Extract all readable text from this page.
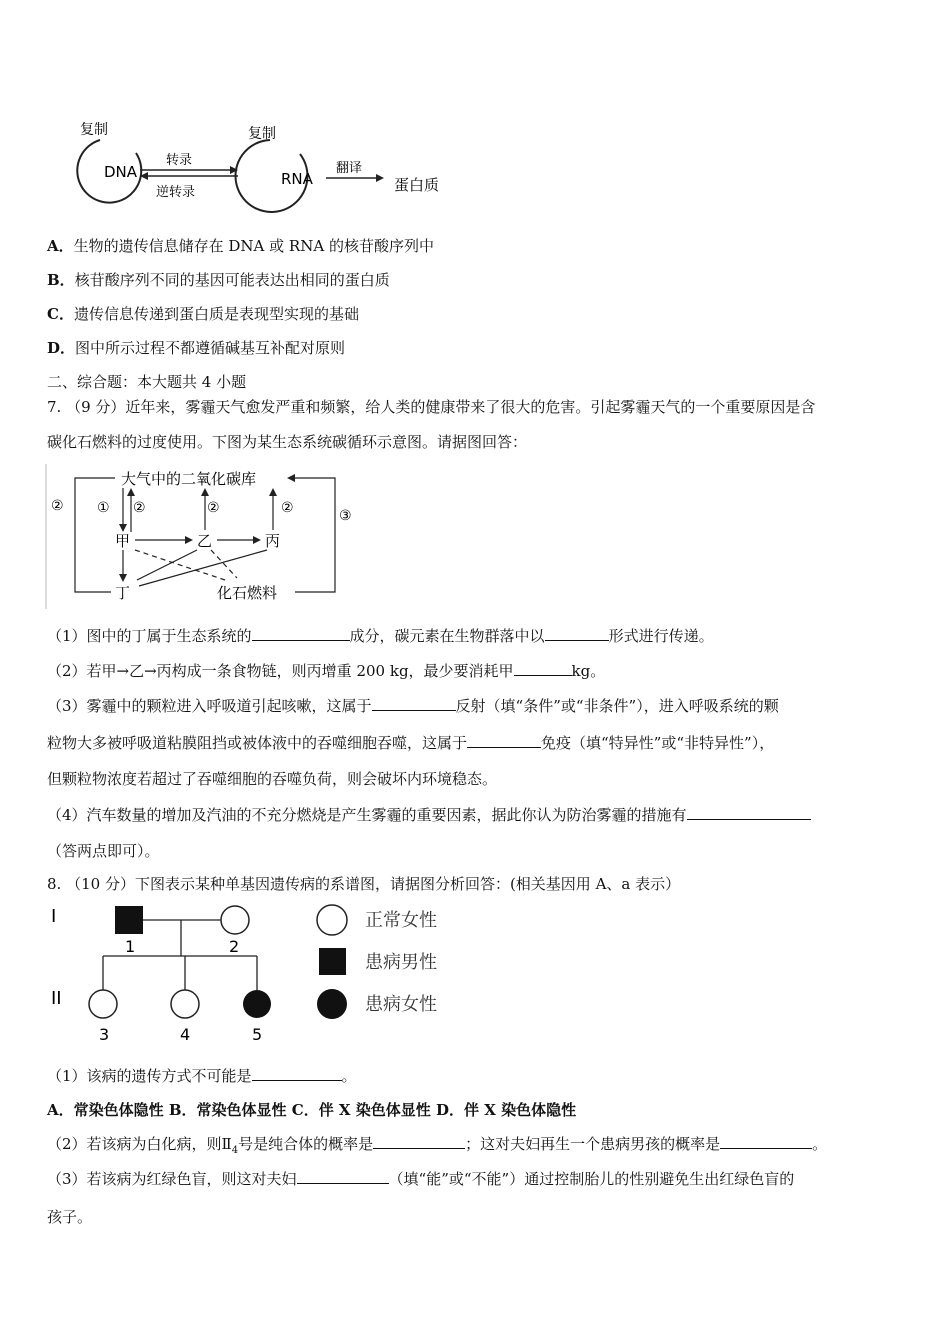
复制
DNA
转录
逆转录
复制
RNA
翻译
蛋白质
A．生物的遗传信息储存在 DNA 或 RNA 的核苷酸序列中
B．核苷酸序列不同的基因可能表达出相同的蛋白质
C．遗传信息传递到蛋白质是表现型实现的基础
D．图中所示过程不都遵循碱基互补配对原则
二、综合题：本大题共 4 小题
7. （9 分）近年来，雾霾天气愈发严重和频繁，给人类的健康带来了很大的危害。引起雾霾天气的一个重要原因是含
碳化石燃料的过度使用。下图为某生态系统碳循环示意图。请据图回答：
大气中的二氧化碳库
②
③
① ②	②	②
甲	乙	丙
丁	化石燃料
（1）图中的丁属于生态系统的	成分，碳元素在生物群落中以	形式进行传递。
（2）若甲→乙→丙构成一条食物链，则丙增重 200 kg，最少要消耗甲	kg。
（3）雾霾中的颗粒进入呼吸道引起咳嗽，这属于	反射（填“条件”或“非条件”），进入呼吸系统的颗
粒物大多被呼吸道粘膜阻挡或被体液中的吞噬细胞吞噬，这属于	免疫（填“特异性”或“非特异性”），
但颗粒物浓度若超过了吞噬细胞的吞噬负荷，则会破坏内环境稳态。
（4）汽车数量的增加及汽油的不充分燃烧是产生雾霾的重要因素，据此你认为防治雾霾的措施有
（答两点即可）。
8. （10 分）下图表示某种单基因遗传病的系谱图，请据图分析回答：(相关基因用 A、a 表示）
I
II
1	2
3	4	5
正常女性
患病男性
患病女性
（1）该病的遗传方式不可能是	。
A．常染色体隐性 B．常染色体显性 C．伴 X 染色体显性 D．伴 X 染色体隐性
（2）若该病为白化病，则$Ⅱ_4$号是纯合体的概率是	；这对夫妇再生一个患病男孩的概率是	。
（3）若该病为红绿色盲，则这对夫妇	（填“能”或“不能”）通过控制胎儿的性别避免生出红绿色盲的
孩子。
